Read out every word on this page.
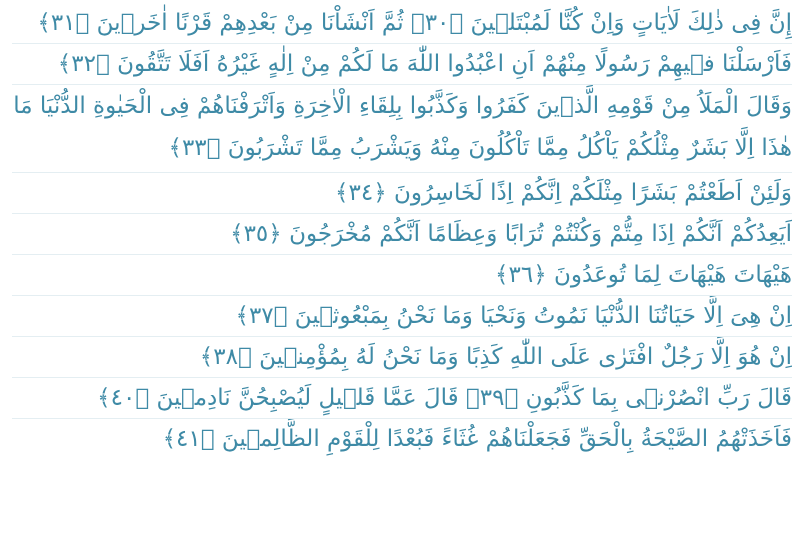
إِنَّ فِى ذٰلِكَ لَاٰيَاتٍ وَاِنْ كُنَّا لَمُبْتَلٖينَ ﴿٣٠﴾ ثُمَّ اَنْشَاْنَا مِنْ بَعْدِهِمْ قَرْنًا اٰخَرٖينَ ﴿٣١﴾
فَاَرْسَلْنَا فٖيهِمْ رَسُولًا مِنْهُمْ اَنِ اعْبُدُوا اللّٰهَ مَا لَكُمْ مِنْ اِلٰهٍ غَيْرُهُ اَفَلَا تَتَّقُونَ ﴿٣٢﴾
وَقَالَ الْمَلَاُ مِنْ قَوْمِهِ الَّذٖينَ كَفَرُوا وَكَذَّبُوا بِلِقَاءِ الْاٰخِرَةِ وَاَتْرَفْنَاهُمْ فِى الْحَيٰوةِ الدُّنْيَا مَا هٰذَا اِلَّا بَشَرٌ مِثْلُكُمْ يَاْكُلُ مِمَّا تَاْكُلُونَ مِنْهُ وَيَشْرَبُ مِمَّا تَشْرَبُونَ ﴿٣٣﴾
وَلَئِنْ اَطَعْتُمْ بَشَرًا مِثْلَكُمْ اِنَّكُمْ اِذًا لَخَاسِرُونَ ﴿٣٤﴾
اَيَعِدُكُمْ اَنَّكُمْ اِذَا مِتُّمْ وَكُنْتُمْ تُرَابًا وَعِظَامًا اَنَّكُمْ مُخْرَجُونَ ﴿٣٥﴾
هَيْهَاتَ هَيْهَاتَ لِمَا تُوعَدُونَ ﴿٣٦﴾
اِنْ هِىَ اِلَّا حَيَاتُنَا الدُّنْيَا نَمُوتُ وَنَحْيَا وَمَا نَحْنُ بِمَبْعُوثٖينَ ﴿٣٧﴾
اِنْ هُوَ اِلَّا رَجُلٌ افْتَرٰى عَلَى اللّٰهِ كَذِبًا وَمَا نَحْنُ لَهُ بِمُؤْمِنٖينَ ﴿٣٨﴾
قَالَ رَبِّ انْصُرْنٖى بِمَا كَذَّبُونِ ﴿٣٩﴾ قَالَ عَمَّا قَلٖيلٍ لَيُصْبِحُنَّ نَادِمٖينَ ﴿٤٠﴾
فَاَخَذَتْهُمُ الصَّيْحَةُ بِالْحَقِّ فَجَعَلْنَاهُمْ غُثَاءً فَبُعْدًا لِلْقَوْمِ الظَّالِمٖينَ ﴿٤١﴾
